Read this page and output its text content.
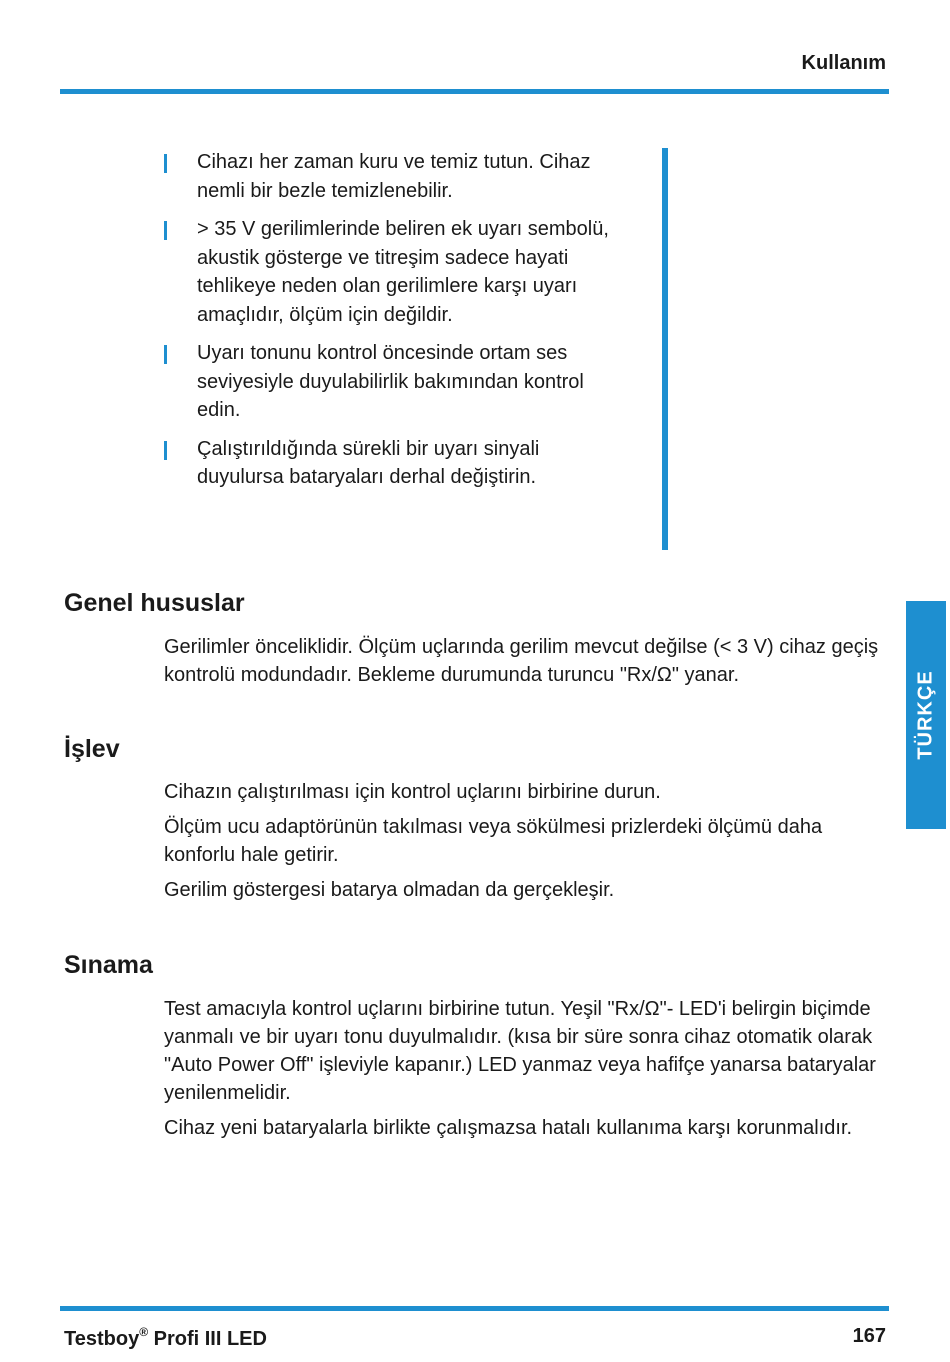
Kullanım
Cihazı her zaman kuru ve temiz tutun. Cihaz nemli bir bezle temizlenebilir.
> 35 V gerilimlerinde beliren ek uyarı sembolü, akustik gösterge ve titreşim sadece hayati tehlikeye neden olan gerilimlere karşı uyarı amaçlıdır, ölçüm için değildir.
Uyarı tonunu kontrol öncesinde ortam ses seviyesiyle duyulabilirlik bakımından kontrol edin.
Çalıştırıldığında sürekli bir uyarı sinyali duyulursa bataryaları derhal değiştirin.
Genel hususlar

Gerilimler önceliklidir. Ölçüm uçlarında gerilim mevcut değilse (< 3 V) cihaz geçiş kontrolü modundadır. Bekleme durumunda turuncu "Rx/Ω" yanar.

İşlev

Cihazın çalıştırılması için kontrol uçlarını birbirine durun.

Ölçüm ucu adaptörünün takılması veya sökülmesi prizlerdeki ölçümü daha konforlu hale getirir.

Gerilim göstergesi batarya olmadan da gerçekleşir.

Sınama

Test amacıyla kontrol uçlarını birbirine tutun. Yeşil "Rx/Ω"- LED'i belirgin biçimde yanmalı ve bir uyarı tonu duyulmalıdır. (kısa bir süre sonra cihaz otomatik olarak "Auto Power Off" işleviyle kapanır.) LED yanmaz veya hafifçe yanarsa bataryalar yenilenmelidir.

Cihaz yeni bataryalarla birlikte çalışmazsa hatalı kullanıma karşı korunmalıdır.

TÜRKÇE
Testboy® Profi III LED	167
